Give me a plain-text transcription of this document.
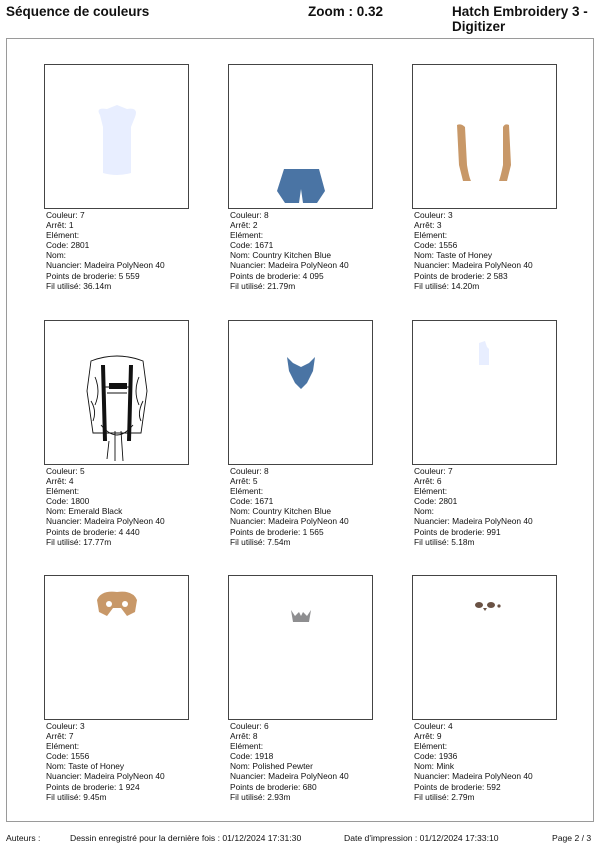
Séquence de couleurs	Zoom : 0.32	Hatch Embroidery 3 - Digitizer
Couleur: 7
Arrêt: 1
Elément:
Code: 2801
Nom:
Nuancier: Madeira PolyNeon 40
Points de broderie: 5 559
Fil utilisé: 36.14m
Couleur: 8
Arrêt: 2
Elément:
Code: 1671
Nom: Country Kitchen Blue
Nuancier: Madeira PolyNeon 40
Points de broderie: 4 095
Fil utilisé: 21.79m
Couleur: 3
Arrêt: 3
Elément:
Code: 1556
Nom: Taste of Honey
Nuancier: Madeira PolyNeon 40
Points de broderie: 2 583
Fil utilisé: 14.20m
Couleur: 5
Arrêt: 4
Elément:
Code: 1800
Nom: Emerald Black
Nuancier: Madeira PolyNeon 40
Points de broderie: 4 440
Fil utilisé: 17.77m
Couleur: 8
Arrêt: 5
Elément:
Code: 1671
Nom: Country Kitchen Blue
Nuancier: Madeira PolyNeon 40
Points de broderie: 1 565
Fil utilisé: 7.54m
Couleur: 7
Arrêt: 6
Elément:
Code: 2801
Nom:
Nuancier: Madeira PolyNeon 40
Points de broderie: 991
Fil utilisé: 5.18m
Couleur: 3
Arrêt: 7
Elément:
Code: 1556
Nom: Taste of Honey
Nuancier: Madeira PolyNeon 40
Points de broderie: 1 924
Fil utilisé: 9.45m
Couleur: 6
Arrêt: 8
Elément:
Code: 1918
Nom: Polished Pewter
Nuancier: Madeira PolyNeon 40
Points de broderie: 680
Fil utilisé: 2.93m
Couleur: 4
Arrêt: 9
Elément:
Code: 1936
Nom: Mink
Nuancier: Madeira PolyNeon 40
Points de broderie: 592
Fil utilisé: 2.79m
Auteurs :	Dessin enregistré pour la dernière fois : 01/12/2024 17:31:30	Date d'impression : 01/12/2024 17:33:10	Page 2 / 3
